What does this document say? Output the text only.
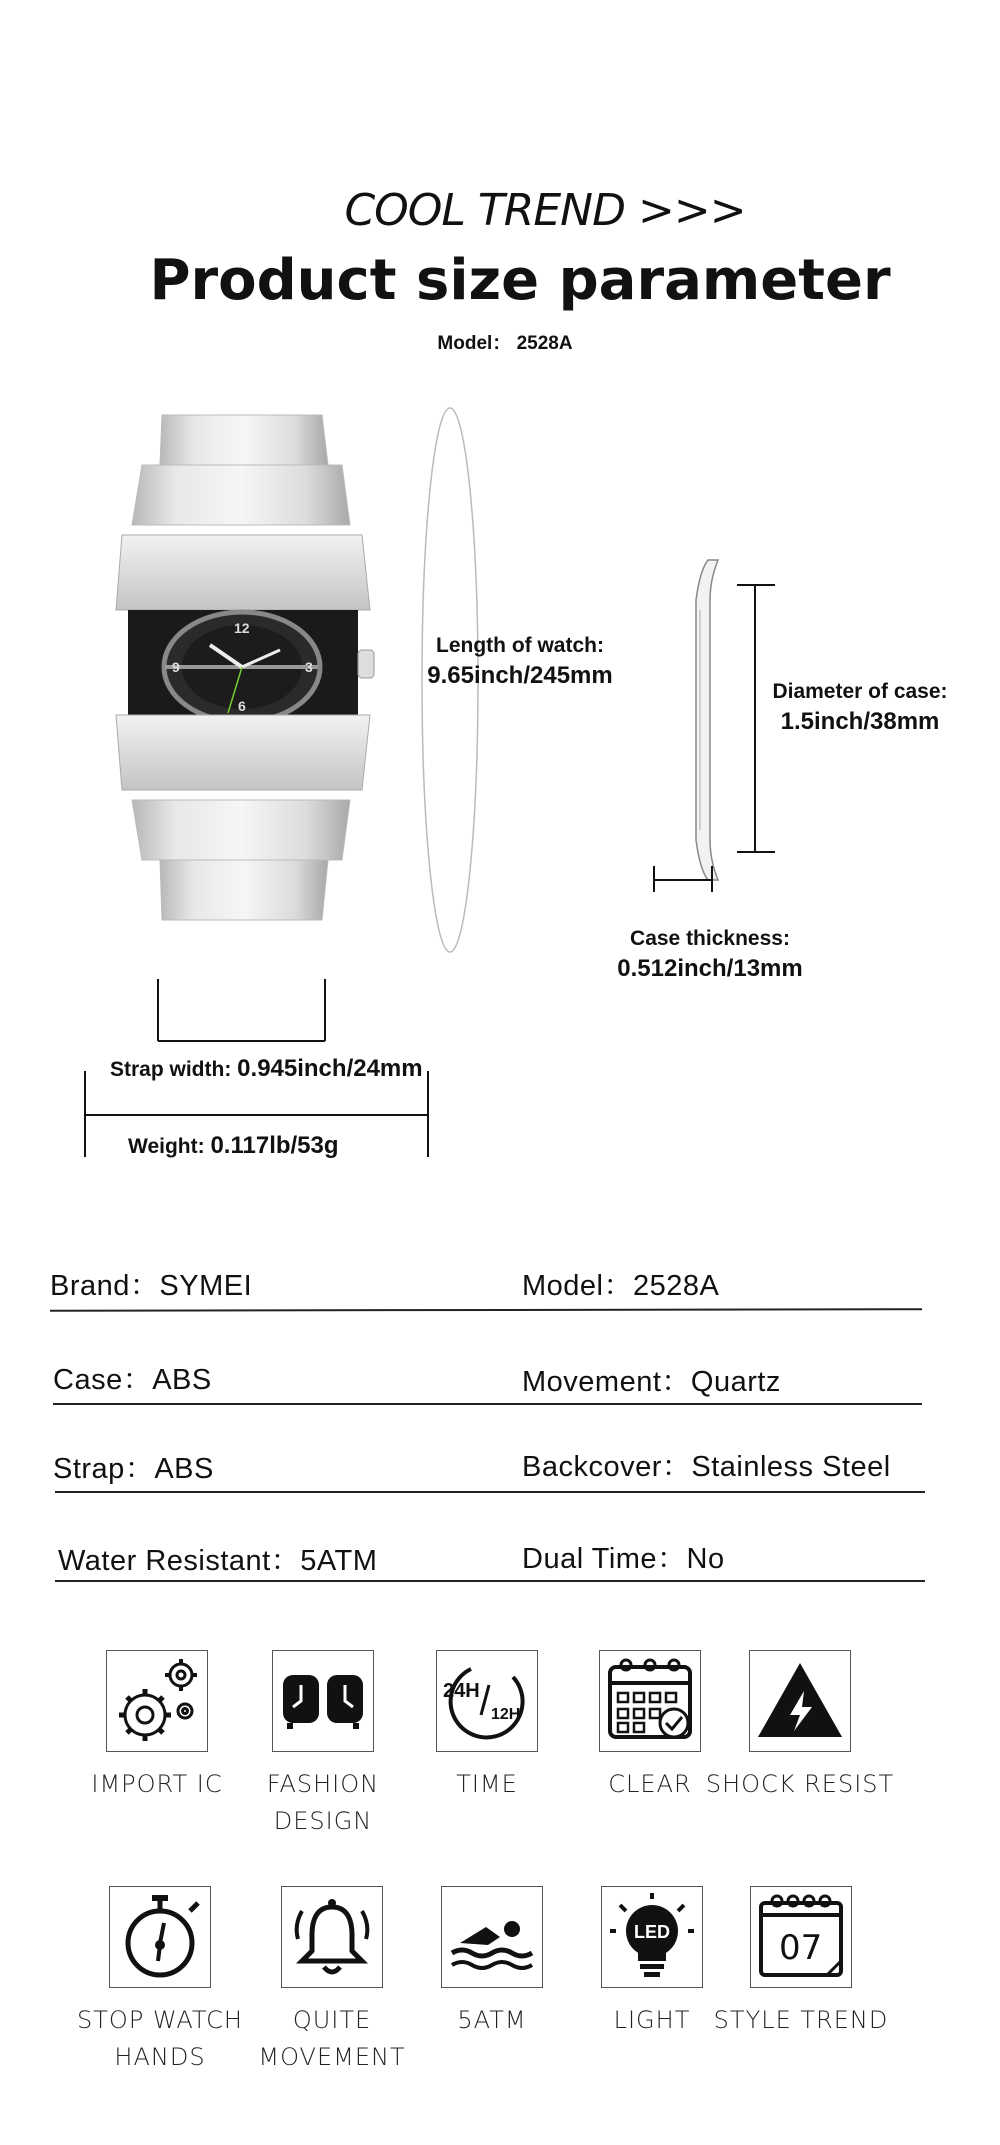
COOL TREND >>>
Product size parameter
Model： 2528A
12
3
6
9
Length of watch:
9.65inch/245mm
Diameter of case:
1.5inch/38mm
Case thickness:
0.512inch/13mm
Strap width: 0.945inch/24mm
Weight: 0.117lb/53g
Brand：SYMEI	Model：2528A
Case：ABS	Movement：Quartz
Strap：ABS	Backcover：Stainless Steel
Water Resistant：5ATM	Dual Time：No
IMPORT IC	FASHION DESIGN
24H
12H
TIME	CLEAR SHOCK RESIST
STOP WATCH HANDS
QUITE MOVEMENT
5ATM
LED
LIGHT
07
STYLE TREND
